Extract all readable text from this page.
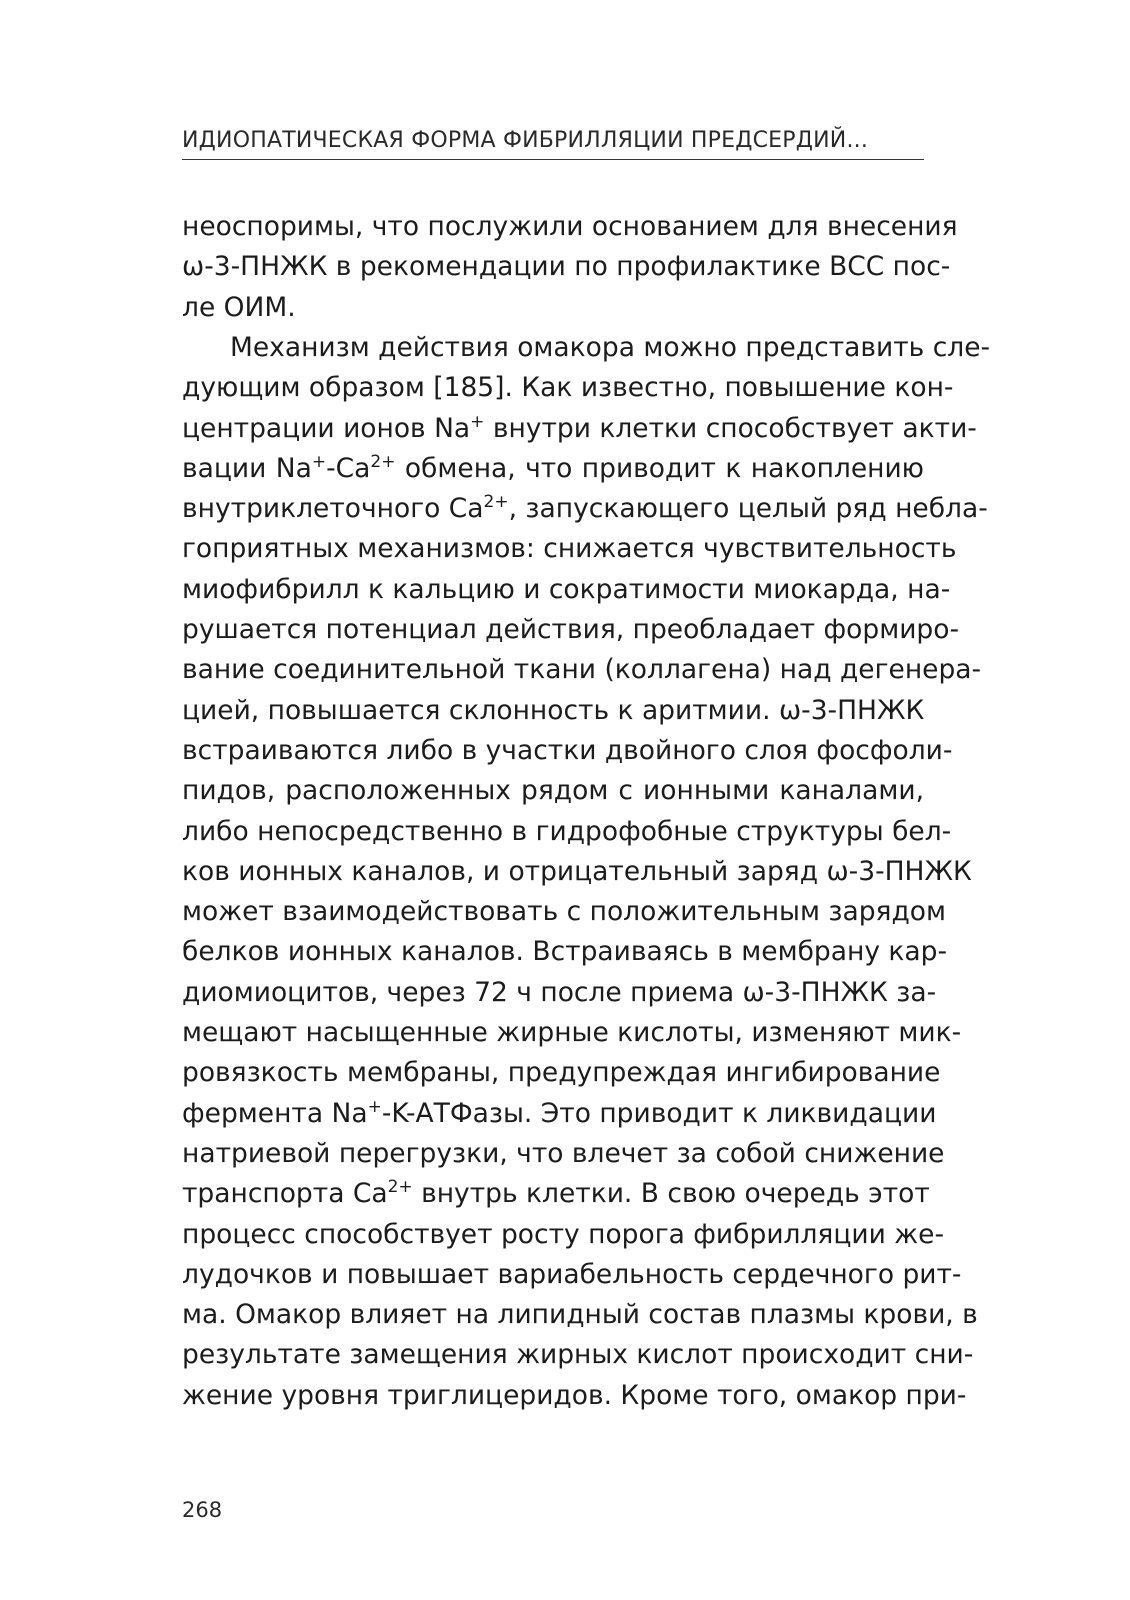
ИДИОПАТИЧЕСКАЯ ФОРМА ФИБРИЛЛЯЦИИ ПРЕДСЕРДИЙ...
неоспоримы, что послужили основанием для внесения
ω-3-ПНЖК в рекомендации по профилактике ВСС пос-
ле ОИМ.
Механизм действия омакора можно представить сле-
дующим образом [185]. Как известно, повышение кон-
центрации ионов Na+ внутри клетки способствует акти-
вации $Na^+-Ca^{2+}$ обмена, что приводит к накоплению
внутриклеточного $Ca^{2+}$, запускающего целый ряд небла-
гоприятных механизмов: снижается чувствительность
миофибрилл к кальцию и сократимости миокарда, на-
рушается потенциал действия, преобладает формиро-
вание соединительной ткани (коллагена) над дегенера-
цией, повышается склонность к аритмии. ω-3-ПНЖК
встраиваются либо в участки двойного слоя фосфоли-
пидов, расположенных рядом с ионными каналами,
либо непосредственно в гидрофобные структуры бел-
ков ионных каналов, и отрицательный заряд ω-3-ПНЖК
может взаимодействовать с положительным зарядом
белков ионных каналов. Встраиваясь в мембрану кар-
диомиоцитов, через 72 ч после приема ω-3-ПНЖК за-
мещают насыщенные жирные кислоты, изменяют мик-
ровязкость мембраны, предупреждая ингибирование
фермента Na+-K-АТФазы. Это приводит к ликвидации
натриевой перегрузки, что влечет за собой снижение
транспорта $Ca^{2+}$ внутрь клетки. В свою очередь этот
процесс способствует росту порога фибрилляции же-
лудочков и повышает вариабельность сердечного рит-
ма. Омакор влияет на липидный состав плазмы крови, в
результате замещения жирных кислот происходит сни-
жение уровня триглицеридов. Кроме того, омакор при-
268
